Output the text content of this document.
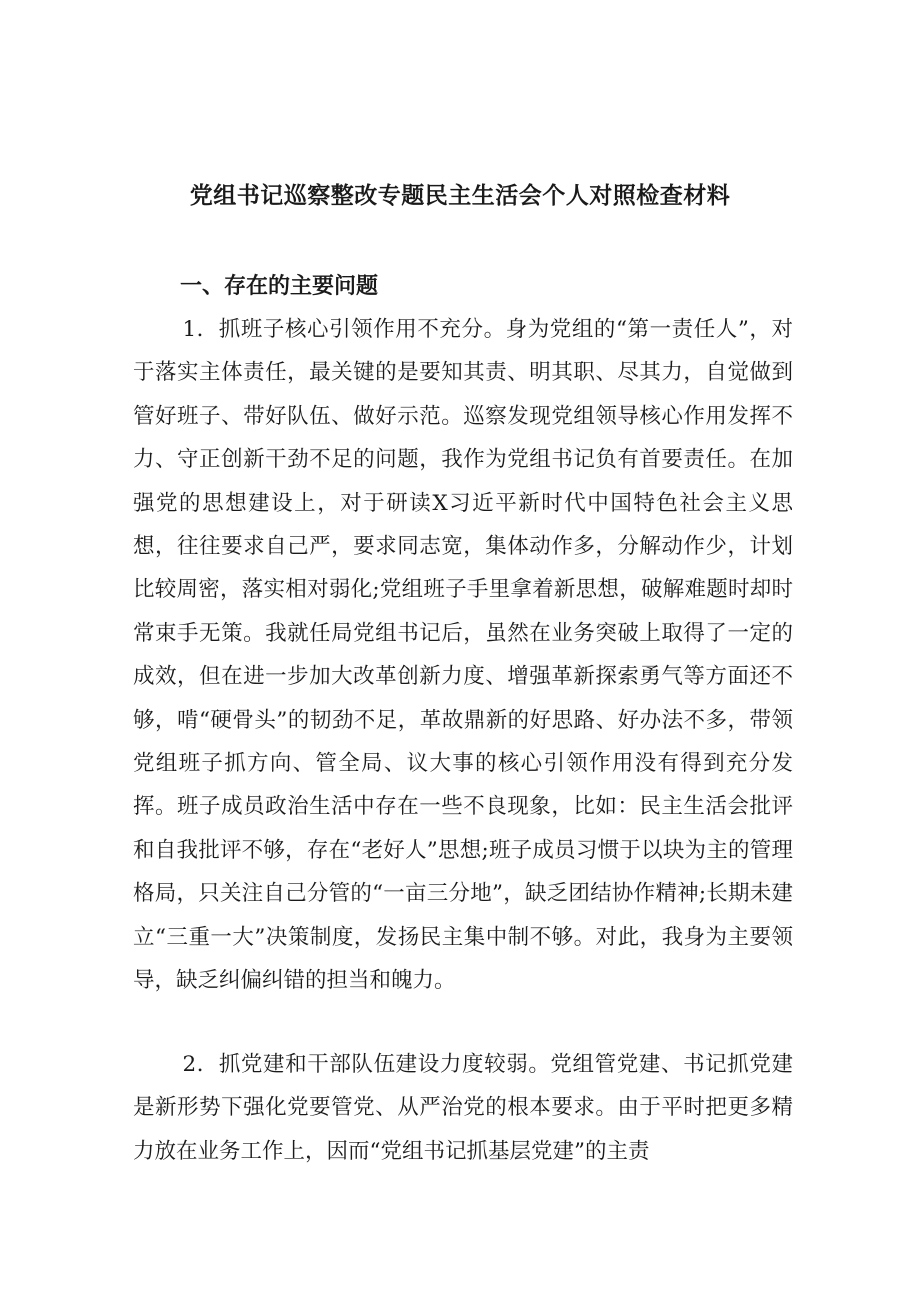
党组书记巡察整改专题民主生活会个人对照检查材料
一、存在的主要问题

1．抓班子核心引领作用不充分。身为党组的“第一责任人”，对于落实主体责任，最关键的是要知其责、明其职、尽其力，自觉做到管好班子、带好队伍、做好示范。巡察发现党组领导核心作用发挥不力、守正创新干劲不足的问题，我作为党组书记负有首要责任。在加强党的思想建设上，对于研读X习近平新时代中国特色社会主义思想，往往要求自己严，要求同志宽，集体动作多，分解动作少，计划比较周密，落实相对弱化;党组班子手里拿着新思想，破解难题时却时常束手无策。我就任局党组书记后，虽然在业务突破上取得了一定的成效，但在进一步加大改革创新力度、增强革新探索勇气等方面还不够，啃“硬骨头”的韧劲不足，革故鼎新的好思路、好办法不多，带领党组班子抓方向、管全局、议大事的核心引领作用没有得到充分发挥。班子成员政治生活中存在一些不良现象，比如：民主生活会批评和自我批评不够，存在“老好人”思想;班子成员习惯于以块为主的管理格局，只关注自己分管的“一亩三分地”，缺乏团结协作精神;长期未建立“三重一大”决策制度，发扬民主集中制不够。对此，我身为主要领导，缺乏纠偏纠错的担当和魄力。

2．抓党建和干部队伍建设力度较弱。党组管党建、书记抓党建是新形势下强化党要管党、从严治党的根本要求。由于平时把更多精力放在业务工作上，因而“党组书记抓基层党建”的主责
